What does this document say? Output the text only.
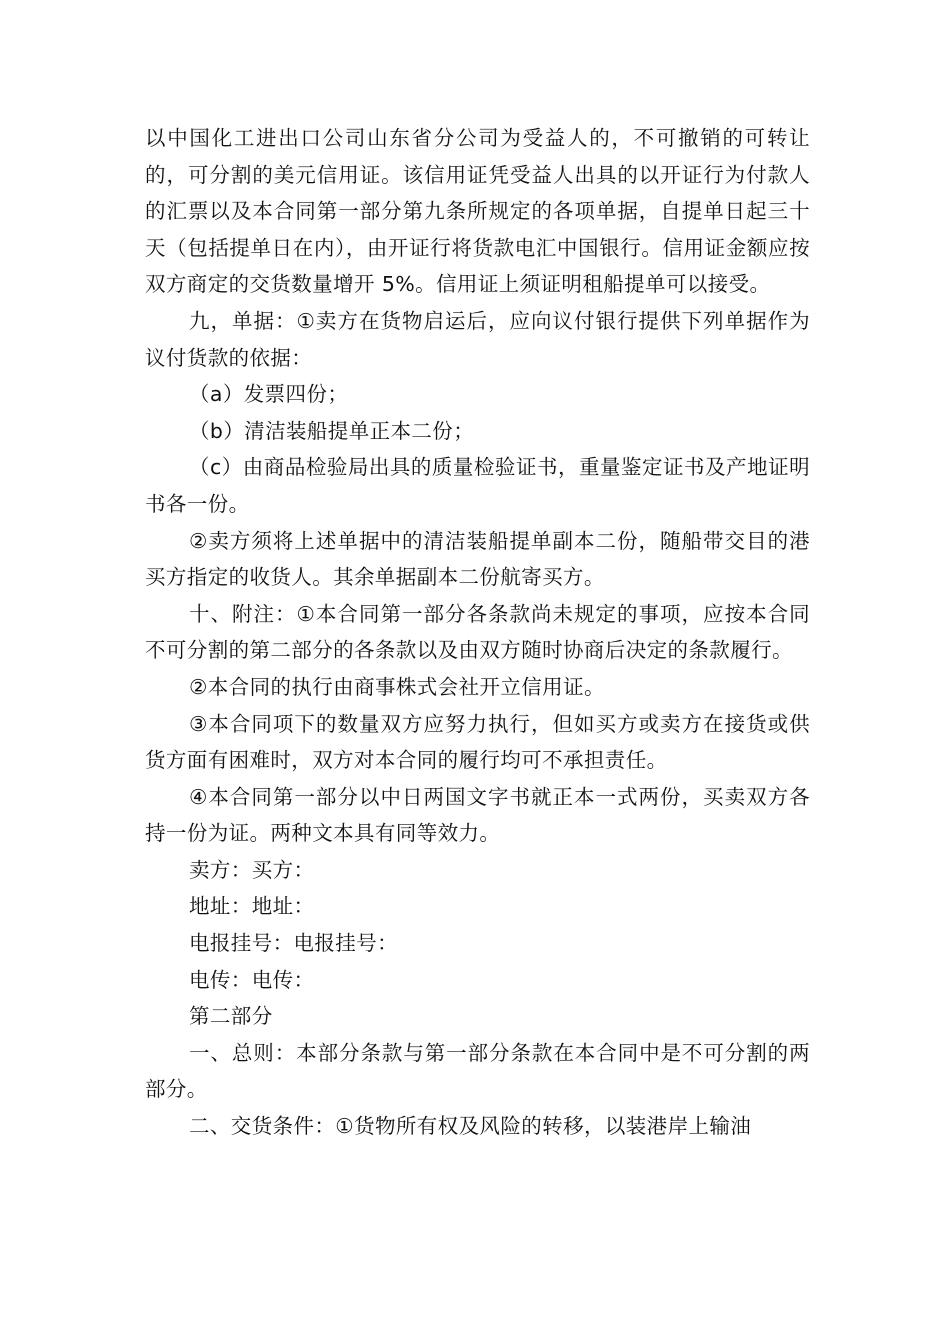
以中国化工进出口公司山东省分公司为受益人的，不可撤销的可转让的，可分割的美元信用证。该信用证凭受益人出具的以开证行为付款人的汇票以及本合同第一部分第九条所规定的各项单据，自提单日起三十天（包括提单日在内），由开证行将货款电汇中国银行。信用证金额应按双方商定的交货数量增开 5%。信用证上须证明租船提单可以接受。

九，单据：①卖方在货物启运后，应向议付银行提供下列单据作为议付货款的依据：

（a）发票四份；

（b）清洁装船提单正本二份；

（c）由商品检验局出具的质量检验证书，重量鉴定证书及产地证明书各一份。

②卖方须将上述单据中的清洁装船提单副本二份，随船带交目的港买方指定的收货人。其余单据副本二份航寄买方。

十、附注：①本合同第一部分各条款尚未规定的事项，应按本合同不可分割的第二部分的各条款以及由双方随时协商后决定的条款履行。

②本合同的执行由商事株式会社开立信用证。

③本合同项下的数量双方应努力执行，但如买方或卖方在接货或供货方面有困难时，双方对本合同的履行均可不承担责任。

④本合同第一部分以中日两国文字书就正本一式两份，买卖双方各持一份为证。两种文本具有同等效力。

卖方：买方：

地址：地址：

电报挂号：电报挂号：

电传：电传：

第二部分

一、总则：本部分条款与第一部分条款在本合同中是不可分割的两部分。

二、交货条件：①货物所有权及风险的转移，以装港岸上输油
